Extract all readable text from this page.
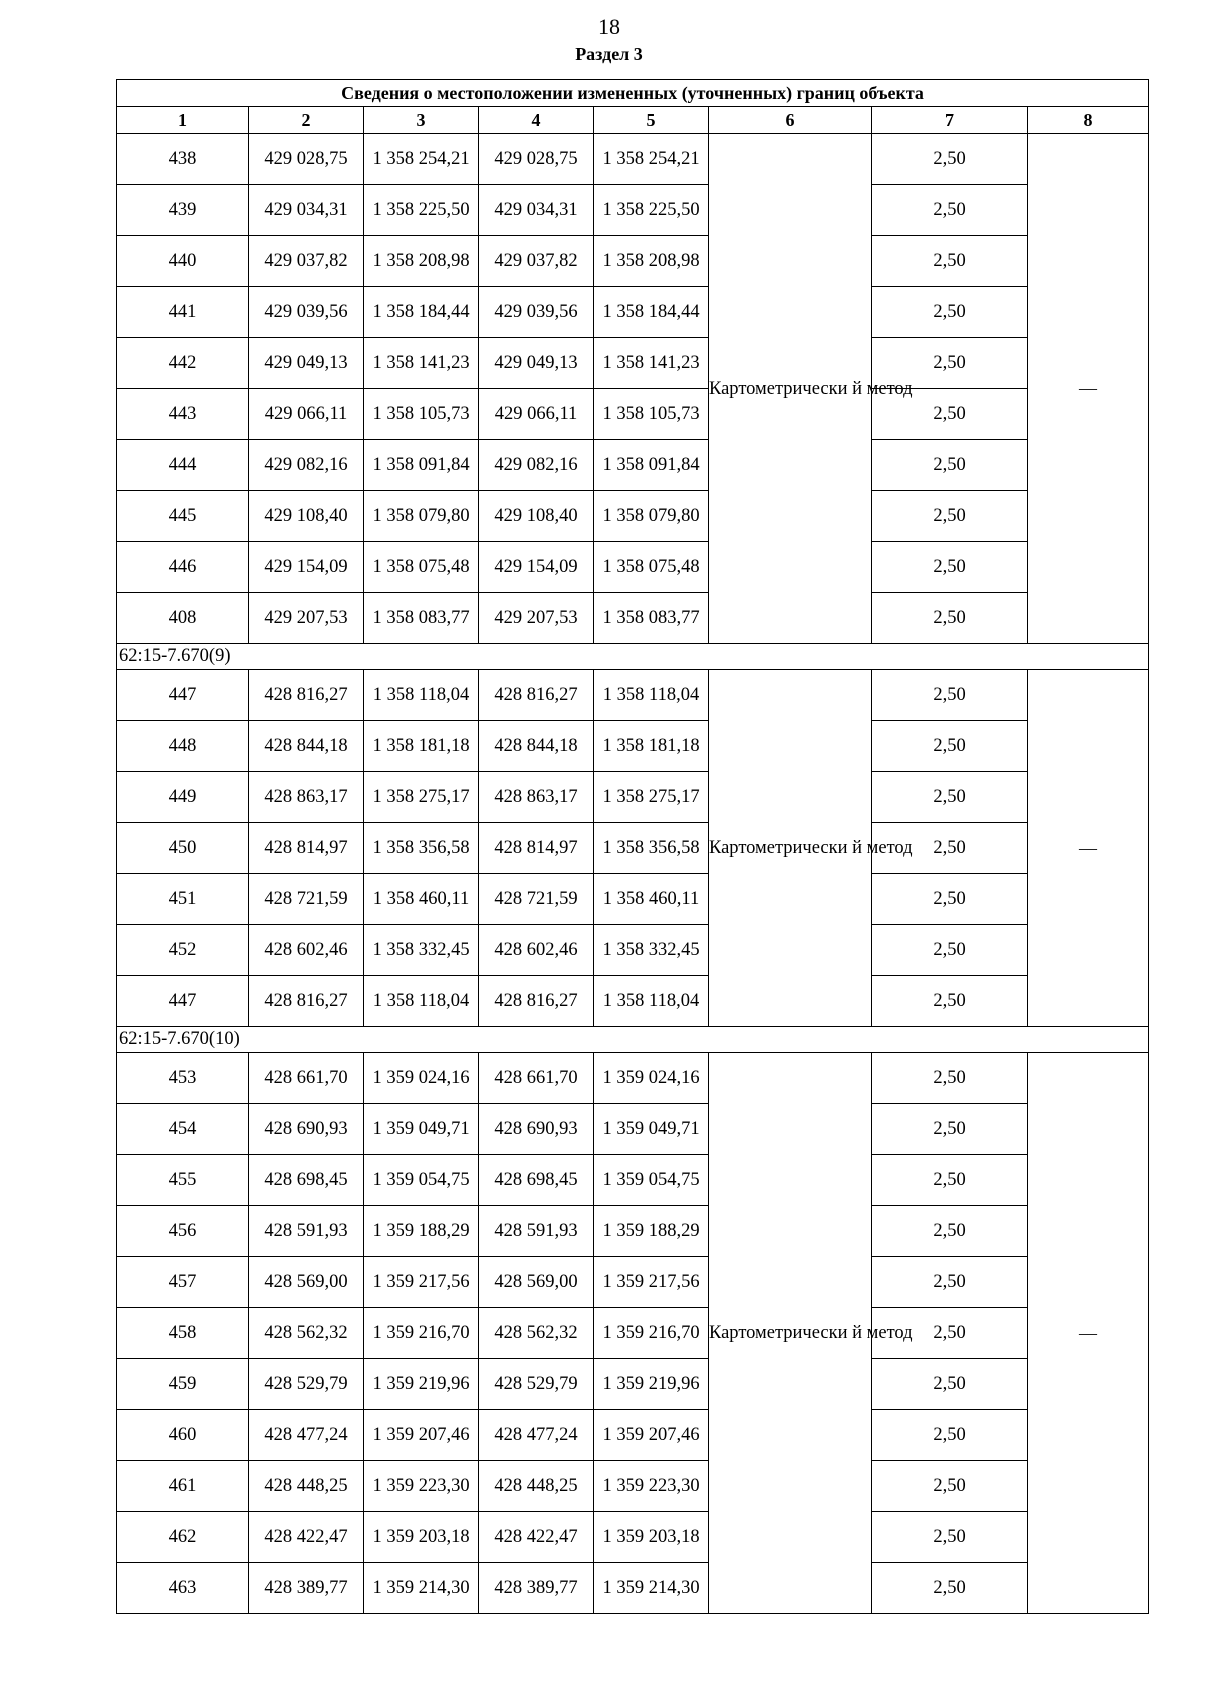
18
Раздел 3
Сведения о местоположении измененных (уточненных) границ объекта							
1	2	3	4	5	6	7	8
438	429 028,75	1 358 254,21	429 028,75	1 358 254,21	Картометрически й метод	2,50	—
439	429 034,31	1 358 225,50	429 034,31	1 358 225,50		2,50	
440	429 037,82	1 358 208,98	429 037,82	1 358 208,98		2,50	
441	429 039,56	1 358 184,44	429 039,56	1 358 184,44		2,50	
442	429 049,13	1 358 141,23	429 049,13	1 358 141,23		2,50	
443	429 066,11	1 358 105,73	429 066,11	1 358 105,73		2,50	
444	429 082,16	1 358 091,84	429 082,16	1 358 091,84		2,50	
445	429 108,40	1 358 079,80	429 108,40	1 358 079,80		2,50	
446	429 154,09	1 358 075,48	429 154,09	1 358 075,48		2,50	
408	429 207,53	1 358 083,77	429 207,53	1 358 083,77		2,50	
62:15-7.670(9)							
447	428 816,27	1 358 118,04	428 816,27	1 358 118,04	Картометрически й метод	2,50	—
448	428 844,18	1 358 181,18	428 844,18	1 358 181,18		2,50	
449	428 863,17	1 358 275,17	428 863,17	1 358 275,17		2,50	
450	428 814,97	1 358 356,58	428 814,97	1 358 356,58		2,50	
451	428 721,59	1 358 460,11	428 721,59	1 358 460,11		2,50	
452	428 602,46	1 358 332,45	428 602,46	1 358 332,45		2,50	
447	428 816,27	1 358 118,04	428 816,27	1 358 118,04		2,50	
62:15-7.670(10)							
453	428 661,70	1 359 024,16	428 661,70	1 359 024,16	Картометрически й метод	2,50	—
454	428 690,93	1 359 049,71	428 690,93	1 359 049,71		2,50	
455	428 698,45	1 359 054,75	428 698,45	1 359 054,75		2,50	
456	428 591,93	1 359 188,29	428 591,93	1 359 188,29		2,50	
457	428 569,00	1 359 217,56	428 569,00	1 359 217,56		2,50	
458	428 562,32	1 359 216,70	428 562,32	1 359 216,70		2,50	
459	428 529,79	1 359 219,96	428 529,79	1 359 219,96		2,50	
460	428 477,24	1 359 207,46	428 477,24	1 359 207,46		2,50	
461	428 448,25	1 359 223,30	428 448,25	1 359 223,30		2,50	
462	428 422,47	1 359 203,18	428 422,47	1 359 203,18		2,50	
463	428 389,77	1 359 214,30	428 389,77	1 359 214,30		2,50	
